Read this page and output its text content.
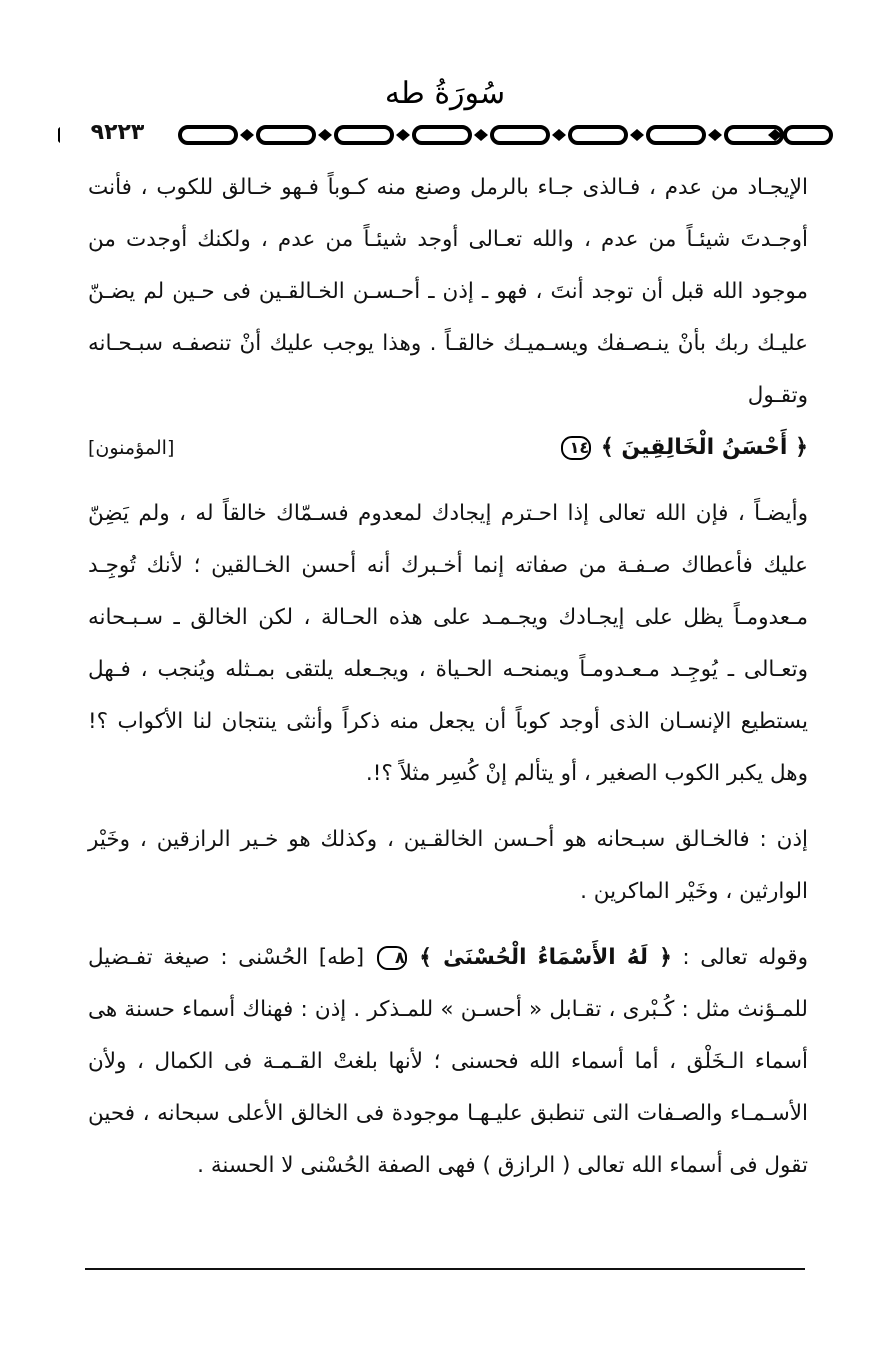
سُورَةُ طه
٩٢٢٣

الإيجـاد من عدم ، فـالذى جـاء بالرمل وصنع منه كـوباً فـهو خـالق للكوب ، فأنت أوجـدتَ شيئـاً من عدم ، والله تعـالى أوجد شيئـاً من عدم ، ولكنك أوجدت من موجود الله قبل أن توجد أنتَ ، فهو ـ إذن ـ أحـسـن الخـالقـين فى حـين لم يضـنّ عليـك ربك بأنْ ينـصـفك ويسـميـك خالقـاً . وهذا يوجب عليك أنْ تنصفـه سبـحـانه وتقـول

﴿ أَحْسَنُ الْخَالِقِينَ ﴾ ١٤
[المؤمنون]

وأيضـاً ، فإن الله تعالى إذا احـترم إيجادك لمعدوم فسـمّاك خالقاً له ، ولم يَضِنّ عليك فأعطاك صـفـة من صفاته إنما أخـبرك أنه أحسن الخـالقين ؛ لأنك تُوجِـد مـعدومـاً يظل على إيجـادك ويجـمـد على هذه الحـالة ، لكن الخالق ـ سـبـحانه وتعـالى ـ يُوجِـد مـعـدومـاً ويمنحـه الحـياة ، ويجـعله يلتقى بمـثله ويُنجب ، فـهل يستطيع الإنسـان الذى أوجد كوباً أن يجعل منه ذكراً وأنثى ينتجان لنا الأكواب ؟! وهل يكبر الكوب الصغير ، أو يتألم إنْ كُسِر مثلاً ؟!.

إذن : فالخـالق سبـحانه هو أحـسن الخالقـين ، وكذلك هو خـير الرازقين ، وخَيْر الوارثين ، وخَيْر الماكرين .

وقوله تعالى : ﴿ لَهُ الأَسْمَاءُ الْحُسْنَىٰ ﴾ ٨ [طه] الحُسْنى : صيغة تفـضيل للمـؤنث مثل : كُـبْرى ، تقـابل « أحسـن » للمـذكر . إذن : فهناك أسماء حسنة هى أسماء الـخَلْق ، أما أسماء الله فحسنى ؛ لأنها بلغتْ القـمـة فى الكمال ، ولأن الأسـمـاء والصـفات التى تنطبق عليـهـا موجودة فى الخالق الأعلى سبحانه ، فحين تقول فى أسماء الله تعالى ( الرازق ) فهى الصفة الحُسْنى لا الحسنة .
